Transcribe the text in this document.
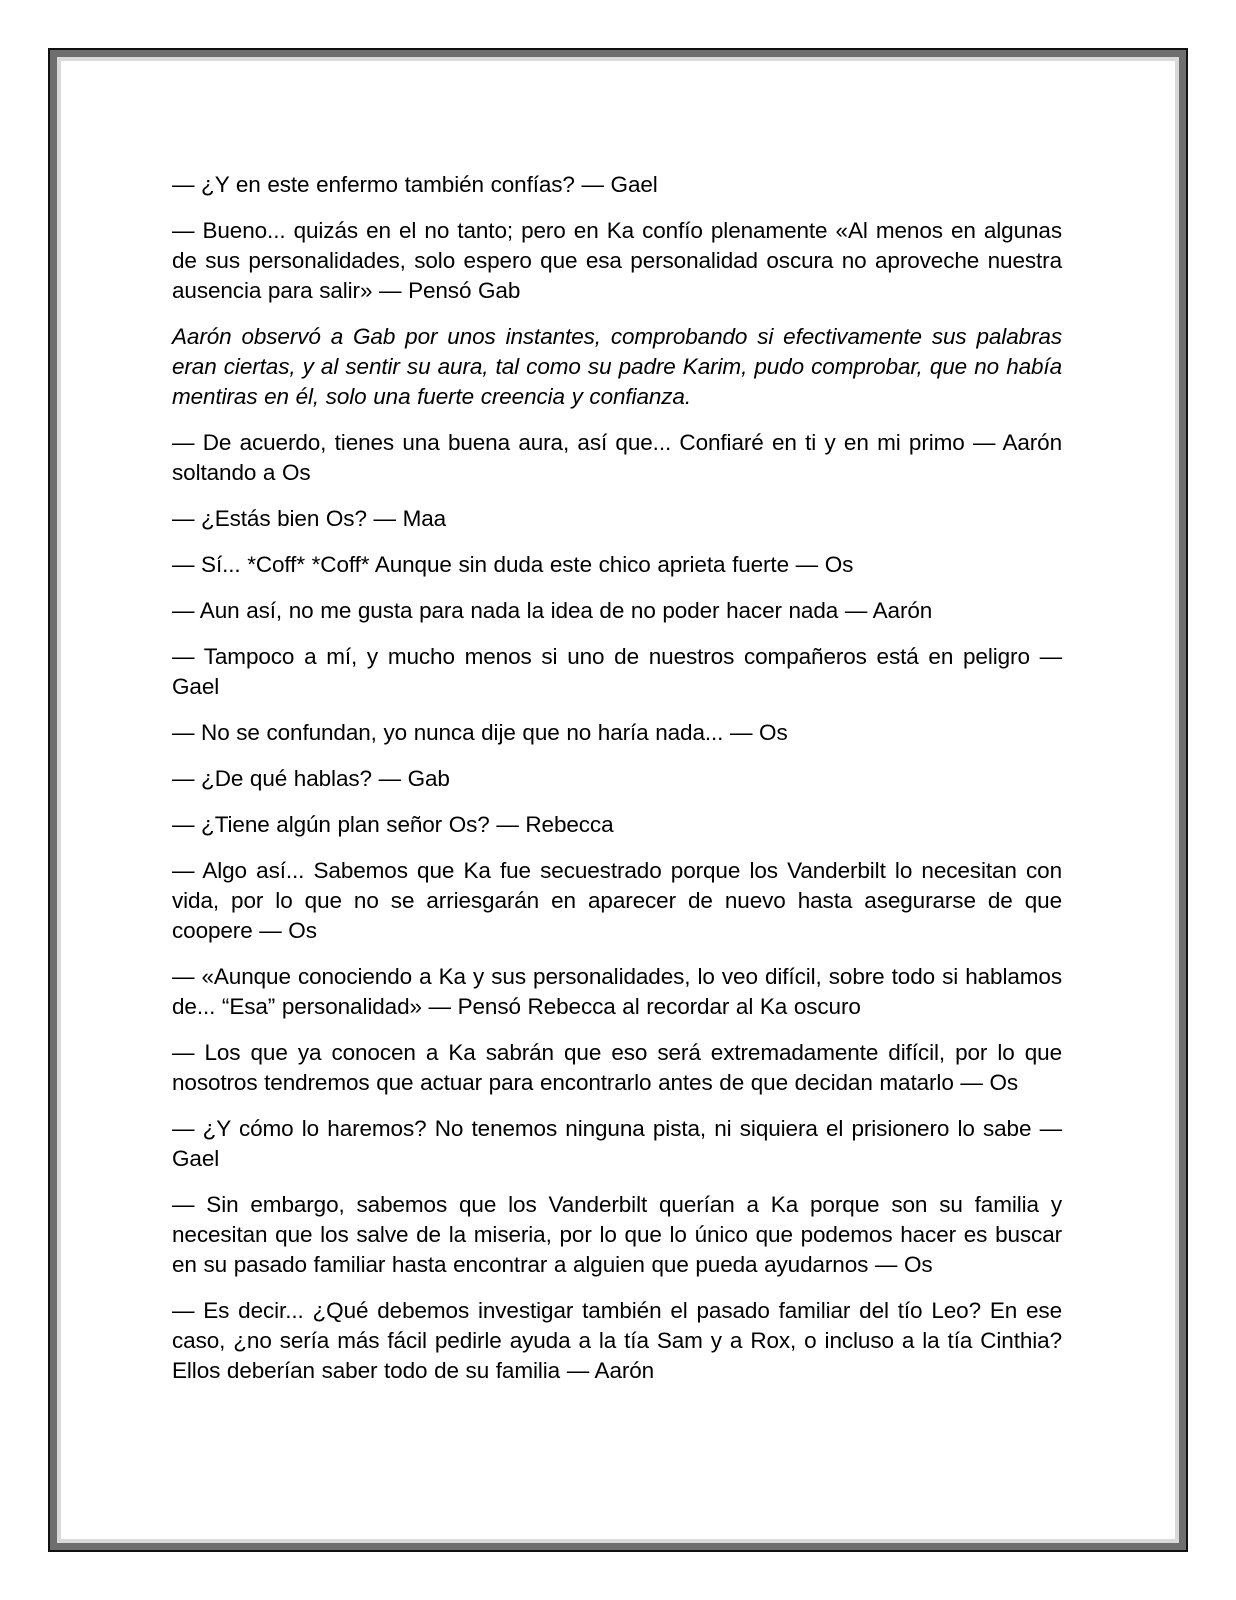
— ¿Y en este enfermo también confías? — Gael

— Bueno... quizás en el no tanto; pero en Ka confío plenamente «Al menos en algunas de sus personalidades, solo espero que esa personalidad oscura no aproveche nuestra ausencia para salir» — Pensó Gab

Aarón observó a Gab por unos instantes, comprobando si efectivamente sus palabras eran ciertas, y al sentir su aura, tal como su padre Karim, pudo comprobar, que no había mentiras en él, solo una fuerte creencia y confianza.

— De acuerdo, tienes una buena aura, así que... Confiaré en ti y en mi primo — Aarón soltando a Os

— ¿Estás bien Os? — Maa

— Sí... *Coff* *Coff* Aunque sin duda este chico aprieta fuerte — Os

— Aun así, no me gusta para nada la idea de no poder hacer nada — Aarón

— Tampoco a mí, y mucho menos si uno de nuestros compañeros está en peligro — Gael

— No se confundan, yo nunca dije que no haría nada... — Os

— ¿De qué hablas? — Gab

— ¿Tiene algún plan señor Os? — Rebecca

— Algo así... Sabemos que Ka fue secuestrado porque los Vanderbilt lo necesitan con vida, por lo que no se arriesgarán en aparecer de nuevo hasta asegurarse de que coopere — Os

— «Aunque conociendo a Ka y sus personalidades, lo veo difícil, sobre todo si hablamos de... “Esa” personalidad» — Pensó Rebecca al recordar al Ka oscuro

— Los que ya conocen a Ka sabrán que eso será extremadamente difícil, por lo que nosotros tendremos que actuar para encontrarlo antes de que decidan matarlo — Os

— ¿Y cómo lo haremos? No tenemos ninguna pista, ni siquiera el prisionero lo sabe — Gael

— Sin embargo, sabemos que los Vanderbilt querían a Ka porque son su familia y necesitan que los salve de la miseria, por lo que lo único que podemos hacer es buscar en su pasado familiar hasta encontrar a alguien que pueda ayudarnos — Os

— Es decir... ¿Qué debemos investigar también el pasado familiar del tío Leo? En ese caso, ¿no sería más fácil pedirle ayuda a la tía Sam y a Rox, o incluso a la tía Cinthia? Ellos deberían saber todo de su familia — Aarón
